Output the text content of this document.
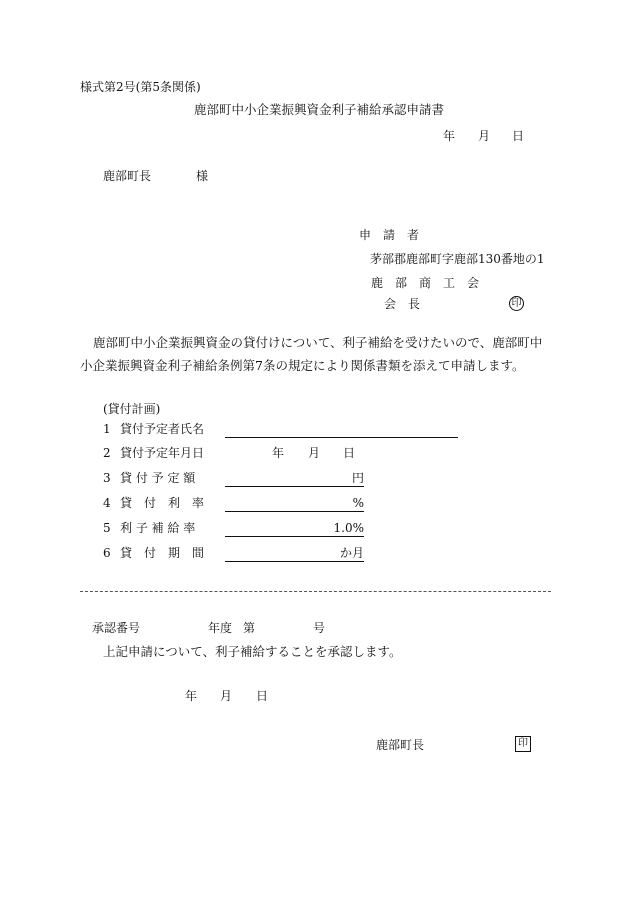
様式第2号(第5条関係)
鹿部町中小企業振興資金利子補給承認申請書
年 月 日
鹿部町長	様
申　請　者
茅部郡鹿部町字鹿部130番地の1
鹿　部　商　工　会
会　長	印
鹿部町中小企業振興資金の貸付けについて、利子補給を受けたいので、鹿部町中小企業振興資金利子補給条例第7条の規定により関係書類を添えて申請します。
(貸付計画)
1 貸付予定者氏名
2 貸付予定年月日	年 月 日
3 貸 付 予 定 額	円
4 貸　付　利　率	%
5 利 子 補 給 率	1.0%
6 貸　付　期　間	か月
承認番号	年度 第	号
上記申請について、利子補給することを承認します。
年 月 日
鹿部町長	印
